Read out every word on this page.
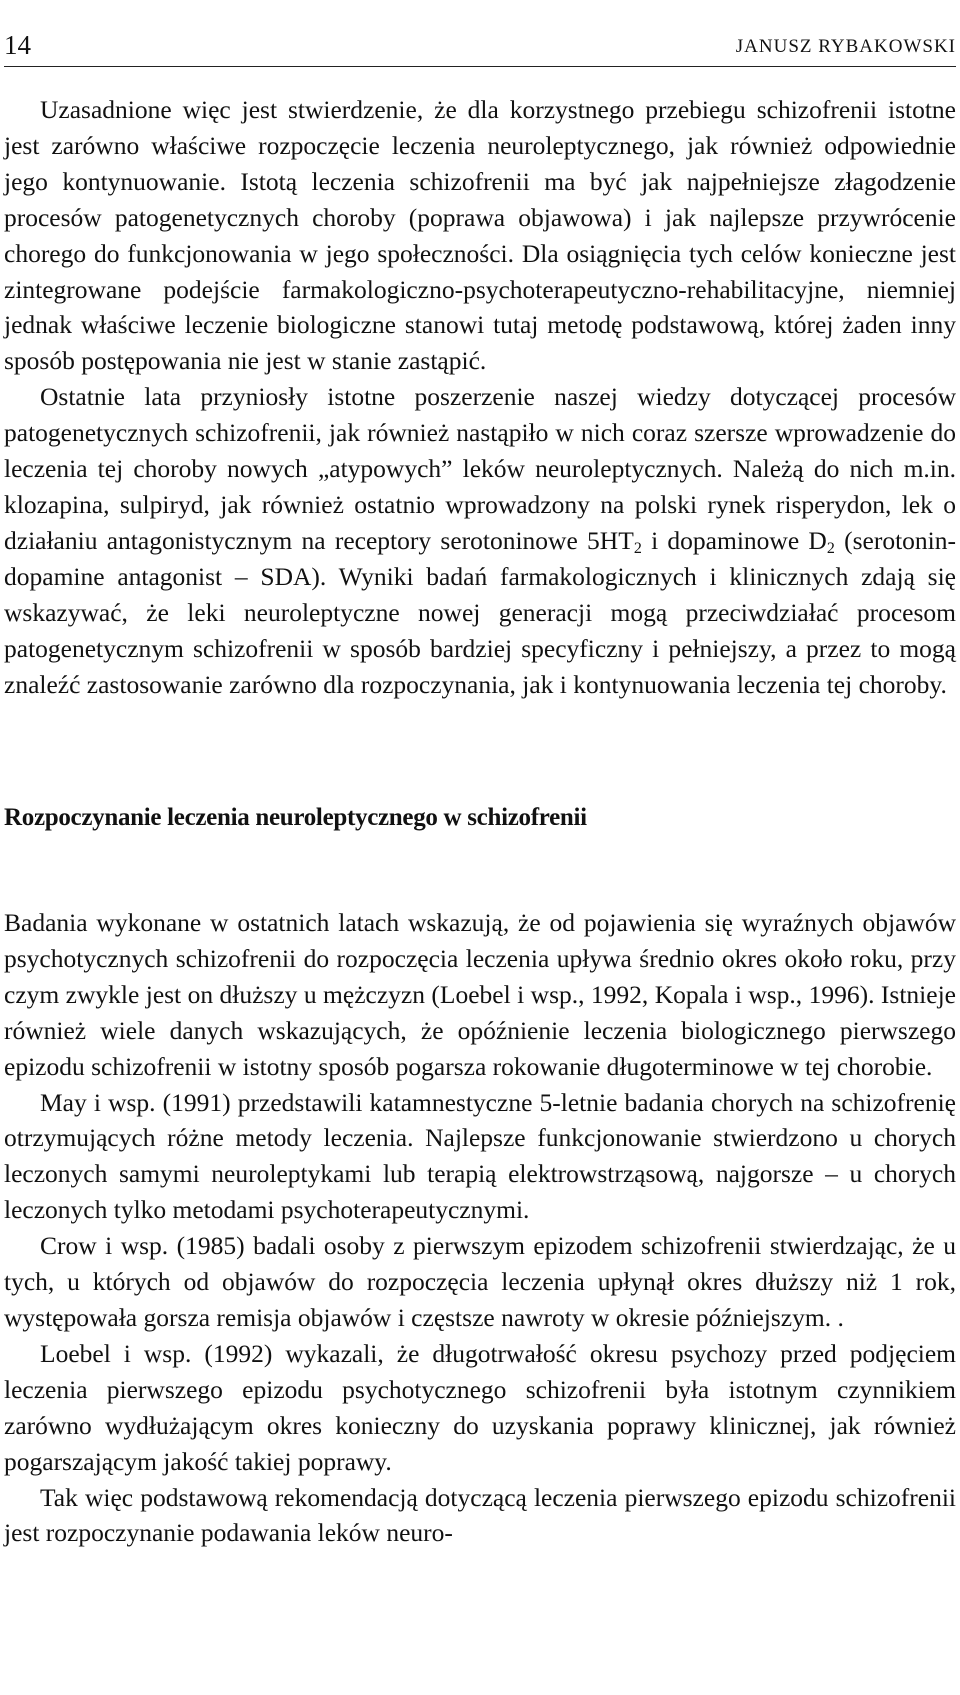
14	JANUSZ RYBAKOWSKI

Uzasadnione więc jest stwierdzenie, że dla korzystnego przebiegu schizofrenii istotne jest zarówno właściwe rozpoczęcie leczenia neuroleptycznego, jak również odpowiednie jego kontynuowanie. Istotą leczenia schizofrenii ma być jak najpełniejsze złagodzenie procesów patogenetycznych choroby (poprawa objawowa) i jak najlepsze przywrócenie chorego do funkcjonowania w jego społeczności. Dla osiągnięcia tych celów konieczne jest zintegrowane podejście farmakologiczno-psychoterapeutyczno-rehabilitacyjne, niemniej jednak właściwe leczenie biologiczne stanowi tutaj metodę podstawową, której żaden inny sposób postępowania nie jest w stanie zastąpić.

Ostatnie lata przyniosły istotne poszerzenie naszej wiedzy dotyczącej procesów patogenetycznych schizofrenii, jak również nastąpiło w nich coraz szersze wprowadzenie do leczenia tej choroby nowych „atypowych” leków neuroleptycznych. Należą do nich m.in. klozapina, sulpiryd, jak również ostatnio wprowadzony na polski rynek risperydon, lek o działaniu antagonistycznym na receptory serotoninowe $5HT_2$ i dopaminowe $D_2$ (serotonin-dopamine antagonist – SDA). Wyniki badań farmakologicznych i klinicznych zdają się wskazywać, że leki neuroleptyczne nowej generacji mogą przeciwdziałać procesom patogenetycznym schizofrenii w sposób bardziej specyficzny i pełniejszy, a przez to mogą znaleźć zastosowanie zarówno dla rozpoczynania, jak i kontynuowania leczenia tej choroby.

Rozpoczynanie leczenia neuroleptycznego w schizofrenii

Badania wykonane w ostatnich latach wskazują, że od pojawienia się wyraźnych objawów psychotycznych schizofrenii do rozpoczęcia leczenia upływa średnio okres około roku, przy czym zwykle jest on dłuższy u mężczyzn (Loebel i wsp., 1992, Kopala i wsp., 1996). Istnieje również wiele danych wskazujących, że opóźnienie leczenia biologicznego pierwszego epizodu schizofrenii w istotny sposób pogarsza rokowanie długoterminowe w tej chorobie.

May i wsp. (1991) przedstawili katamnestyczne 5-letnie badania chorych na schizofrenię otrzymujących różne metody leczenia. Najlepsze funkcjonowanie stwierdzono u chorych leczonych samymi neuroleptykami lub terapią elektrowstrząsową, najgorsze – u chorych leczonych tylko metodami psychoterapeutycznymi.

Crow i wsp. (1985) badali osoby z pierwszym epizodem schizofrenii stwierdzając, że u tych, u których od objawów do rozpoczęcia leczenia upłynął okres dłuższy niż 1 rok, występowała gorsza remisja objawów i częstsze nawroty w okresie późniejszym. .

Loebel i wsp. (1992) wykazali, że długotrwałość okresu psychozy przed podjęciem leczenia pierwszego epizodu psychotycznego schizofrenii była istotnym czynnikiem zarówno wydłużającym okres konieczny do uzyskania poprawy klinicznej, jak również pogarszającym jakość takiej poprawy.

Tak więc podstawową rekomendacją dotyczącą leczenia pierwszego epizodu schizofrenii jest rozpoczynanie podawania leków neuro-
